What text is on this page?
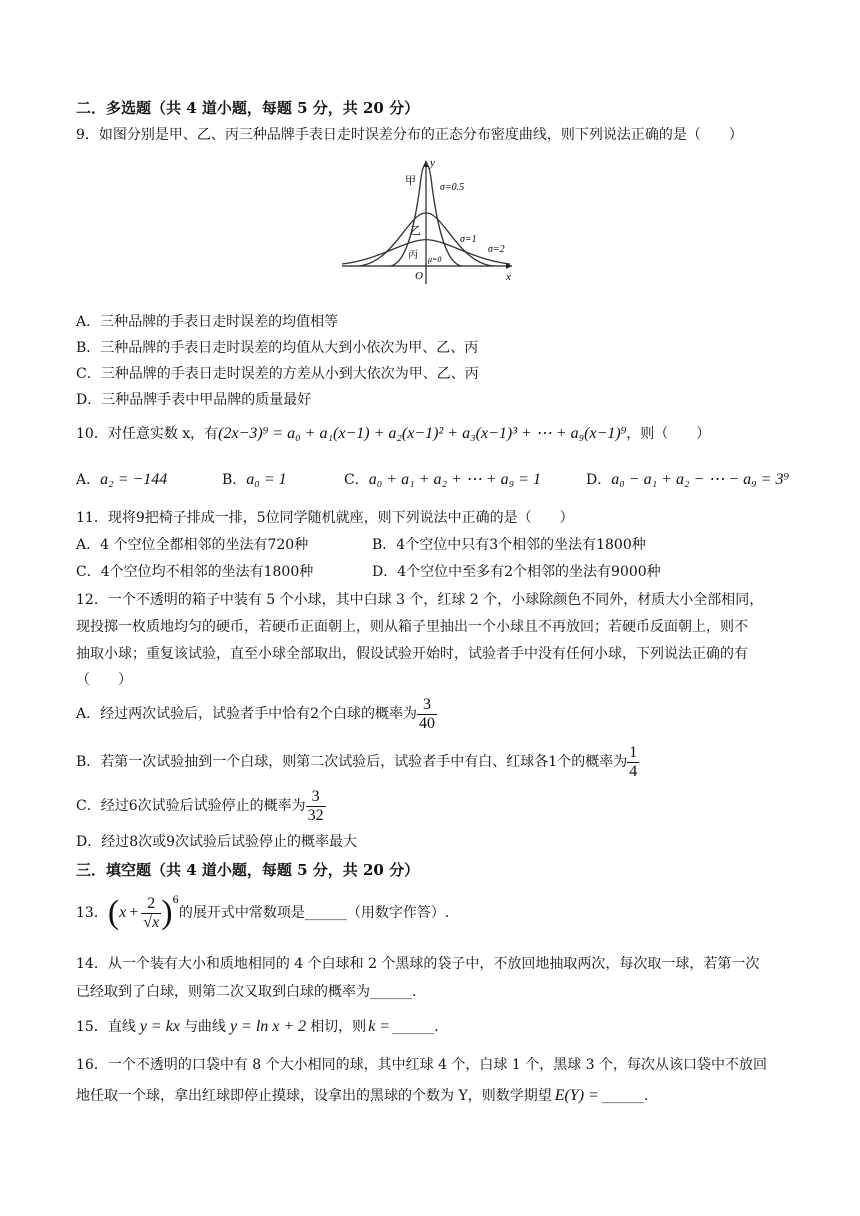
二．多选题（共 4 道小题，每题 5 分，共 20 分）
9．如图分别是甲、乙、丙三种品牌手表日走时误差分布的正态分布密度曲线，则下列说法正确的是（　　）
甲
y
σ=0.5
乙
σ=1
σ=2
丙 μ=0
O	x
A．三种品牌的手表日走时误差的均值相等
B．三种品牌的手表日走时误差的均值从大到小依次为甲、乙、丙
C．三种品牌的手表日走时误差的方差从小到大依次为甲、乙、丙
D．三种品牌手表中甲品牌的质量最好
10．对任意实数 x，有(2x−3)⁹ = a₀ + a₁(x−1) + a₂(x−1)² + a₃(x−1)³ + ⋯ + a₉(x−1)⁹，则（　　）
A．a₂ = −144	B．a₀ = 1	C．a₀ + a₁ + a₂ + ⋯ + a₉ = 1	D．a₀ − a₁ + a₂ − ⋯ − a₉ = 3⁹
11．现将9把椅子排成一排，5位同学随机就座，则下列说法中正确的是（　　）
A．4 个空位全都相邻的坐法有720种	B．4个空位中只有3个相邻的坐法有1800种
C．4个空位均不相邻的坐法有1800种	D．4个空位中至多有2个相邻的坐法有9000种
12．一个不透明的箱子中装有 5 个小球，其中白球 3 个，红球 2 个，小球除颜色不同外，材质大小全部相同，
现投掷一枚质地均匀的硬币，若硬币正面朝上，则从箱子里抽出一个小球且不再放回；若硬币反面朝上，则不
抽取小球；重复该试验，直至小球全部取出，假设试验开始时，试验者手中没有任何小球，下列说法正确的有
（　　）
A．经过两次试验后，试验者手中恰有2个白球的概率为 $\frac{3}{40}$
B．若第一次试验抽到一个白球，则第二次试验后，试验者手中有白、红球各1个的概率为 $\frac{1}{4}$
C．经过6次试验后试验停止的概率为 $\frac{3}{32}$
D．经过8次或9次试验后试验停止的概率最大
三．填空题（共 4 道小题，每题 5 分，共 20 分）
13．$(x + \frac{2}{√x} )^6$的展开式中常数项是______（用数字作答）.
14．从一个装有大小和质地相同的 4 个白球和 2 个黑球的袋子中，不放回地抽取两次，每次取一球，若第一次
已经取到了白球，则第二次又取到白球的概率为______.
15．直线 y = kx 与曲线 y = ln x + 2 相切，则 k = ______.
16．一个不透明的口袋中有 8 个大小相同的球，其中红球 4 个，白球 1 个，黑球 3 个，每次从该口袋中不放回
地任取一个球，拿出红球即停止摸球，设拿出的黑球的个数为 Y，则数学期望 E(Y) = ______.
